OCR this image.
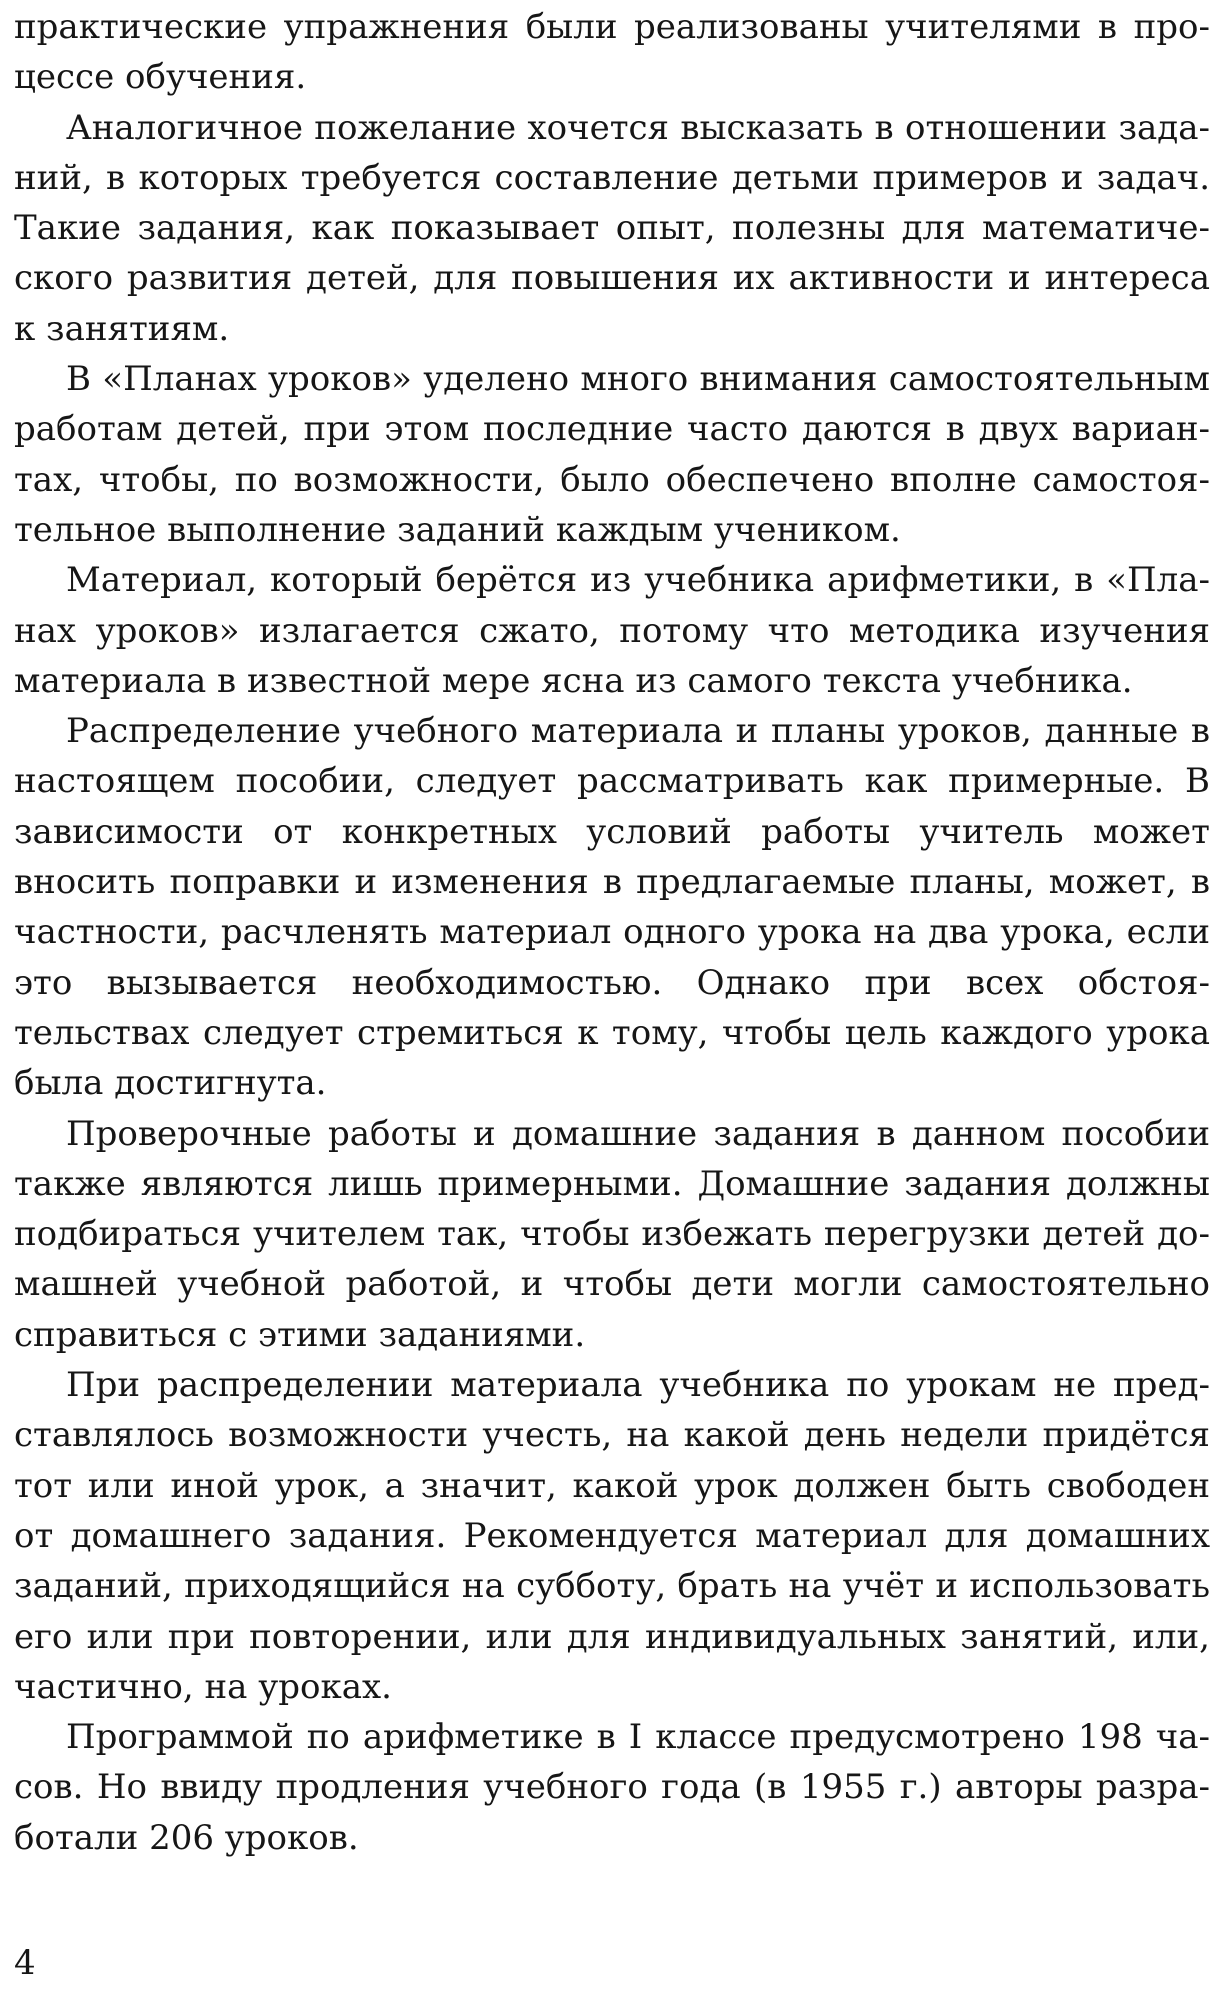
практические упражнения были реализованы учителями в процессе обучения.

Аналогичное пожелание хочется высказать в отношении заданий, в которых требуется составление детьми примеров и задач. Такие задания, как показывает опыт, полезны для математического развития детей, для повышения их активности и интереса к занятиям.

В «Планах уроков» уделено много внимания самостоятельным работам детей, при этом последние часто даются в двух вариантах, чтобы, по возможности, было обеспечено вполне самостоятельное выполнение заданий каждым учеником.

Материал, который берётся из учебника арифметики, в «Планах уроков» излагается сжато, потому что методика изучения материала в известной мере ясна из самого текста учебника.

Распределение учебного материала и планы уроков, данные в настоящем пособии, следует рассматривать как примерные. В зависимости от конкретных условий работы учитель может вносить поправки и изменения в предлагаемые планы, может, в частности, расчленять материал одного урока на два урока, если это вызывается необходимостью. Однако при всех обстоятельствах следует стремиться к тому, чтобы цель каждого урока была достигнута.

Проверочные работы и домашние задания в данном пособии также являются лишь примерными. Домашние задания должны подбираться учителем так, чтобы избежать перегрузки детей домашней учебной работой, и чтобы дети могли самостоятельно справиться с этими заданиями.

При распределении материала учебника по урокам не представлялось возможности учесть, на какой день недели придётся тот или иной урок, а значит, какой урок должен быть свободен от домашнего задания. Рекомендуется материал для домашних заданий, приходящийся на субботу, брать на учёт и использовать его или при повторении, или для индивидуальных занятий, или, частично, на уроках.

Программой по арифметике в I классе предусмотрено 198 часов. Но ввиду продления учебного года (в 1955 г.) авторы разработали 206 уроков.

4
